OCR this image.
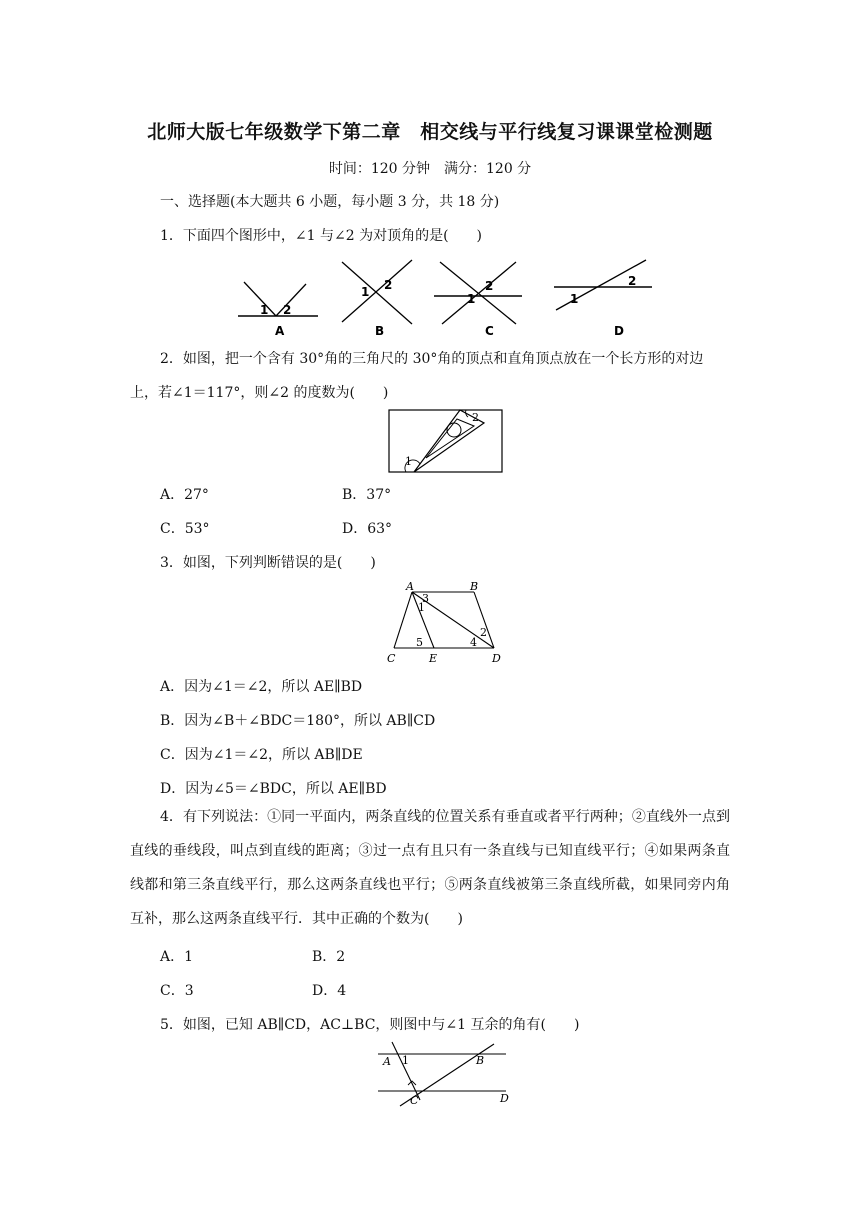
北师大版七年级数学下第二章　相交线与平行线复习课课堂检测题
时间：120 分钟　满分：120 分
一、选择题(本大题共 6 小题，每小题 3 分，共 18 分)
1．下面四个图形中，∠1 与∠2 为对顶角的是(　　)
1 2
A
1 2
B
1
2
C
1
2
D
2．如图，把一个含有 30°角的三角尺的 30°角的顶点和直角顶点放在一个长方形的对边
上，若∠1＝117°，则∠2 的度数为(　　)
1
2
A．27°	B．37°
C．53°	D．63°
3．如图，下列判断错误的是(　　)
A	B
C	D
E
1
2
3
4
5
A．因为∠1＝∠2，所以 AE∥BD
B．因为∠B＋∠BDC＝180°，所以 AB∥CD
C．因为∠1＝∠2，所以 AB∥DE
D．因为∠5＝∠BDC，所以 AE∥BD
4．有下列说法：①同一平面内，两条直线的位置关系有垂直或者平行两种；②直线外一点到直线的垂线段，叫点到直线的距离；③过一点有且只有一条直线与已知直线平行；④如果两条直线都和第三条直线平行，那么这两条直线也平行；⑤两条直线被第三条直线所截，如果同旁内角互补，那么这两条直线平行．其中正确的个数为(　　)
A．1	B．2
C．3	D．4
5．如图，已知 AB∥CD，AC⊥BC，则图中与∠1 互余的角有(　　)
A	B
C	D
1
